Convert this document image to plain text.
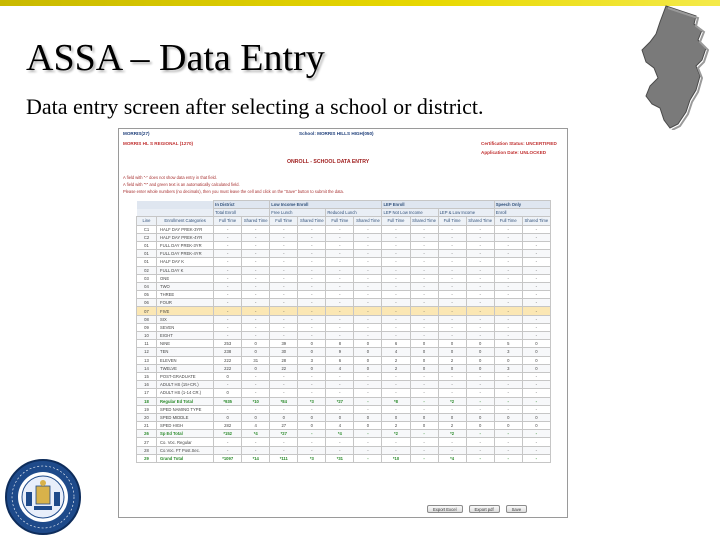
ASSA – Data Entry
Data entry screen after selecting a school or district.
MORRIS(27)
MORRIS HL S REGIONAL (1270)
School: MORRIS HILLS HIGH(050)
Certification Status: UNCERTIFIED
Application Date: UNLOCKED
ONROLL - SCHOOL DATA ENTRY
A field with "-" does not show data entry in that field.
A field with "*" and green text is an automatically calculated field.
Please enter whole numbers (no decimals), then you must leave the cell and click on the "Save" button to submit the data.
		In District		Low Income Enroll				LEP Enroll				Speech Only	
		Total Enroll		Free Lunch		Reduced Lunch		LEP Not Low Income		LEP & Low Income		Enroll	
Line	Enrollment Categories	Full Time	Shared Time	Full Time	Shared Time	Full Time	Shared Time	Full Time	Shared Time	Full Time	Shared Time	Full Time	Shared Time
C1	HALF DAY PREK-3YR	-	-	-	-	-	-	-	-	-	-	-	-
C2	HALF DAY PREK-4YR	-	-	-	-	-	-	-	-	-	-	-	-
01	FULL DAY PREK-3YR	-	-	-	-	-	-	-	-	-	-	-	-
01	FULL DAY PREK-4YR	-	-	-	-	-	-	-	-	-	-	-	-
01	HALF DAY K	-	-	-	-	-	-	-	-	-	-	-	-
02	FULL DAY K	-	-	-	-	-	-	-	-	-	-	-	-
03	ONE	-	-	-	-	-	-	-	-	-	-	-	-
04	TWO	-	-	-	-	-	-	-	-	-	-	-	-
05	THREE	-	-	-	-	-	-	-	-	-	-	-	-
06	FOUR	-	-	-	-	-	-	-	-	-	-	-	-
07	FIVE	-	-	-	-	-	-	-	-	-	-	-	-
08	SIX	-	-	-	-	-	-	-	-	-	-	-	-
09	SEVEN	-	-	-	-	-	-	-	-	-	-	-	-
10	EIGHT	-	-	-	-	-	-	-	-	-	-	-	-
11	NINE	253	0	39	0	8	0	6	0	0	0	5	0
12	TEN	238	0	30	0	9	0	4	0	0	0	3	0
13	ELEVEN	222	31	28	3	6	0	2	0	2	0	0	0
14	TWELVE	222	0	22	0	4	0	2	0	0	0	3	0
15	POST-GRADUATE	0	-	-	-	-	-	-	-	-	-	-	-
16	ADULT HS (15+CR.)	-	-	-	-	-	-	-	-	-	-	-	-
17	ADULT HS (1-14 CR.)	0	-	-	-	-	-	-	-	-	-	-	-
18	Regular Ed Total	*935	*10	*84	*3	*27	-	*8	-	*2	-	-	-
19	SPED NAMING TYPE	-	-	-	-	-	-	-	-	-	-	-	-
20	SPED MIDDLE	0	0	0	0	0	0	0	0	0	0	0	0
21	SPED HIGH	282	4	27	0	4	0	2	0	2	0	0	0
26	Sp Ed Total	*152	*4	*27	-	*4	-	*2	-	*2	-	-	-
27	Co. Voc. Regular	-	-	-	-	-	-	-	-	-	-	-	-
28	Co.Voc. FT Post.Sec.	-	-	-	-	-	-	-	-	-	-	-	-
29	Grand Total	*1097	*14	*111	*3	*31	-	*10	-	*4	-	-	-
Export Excel	Export pdf	Save
